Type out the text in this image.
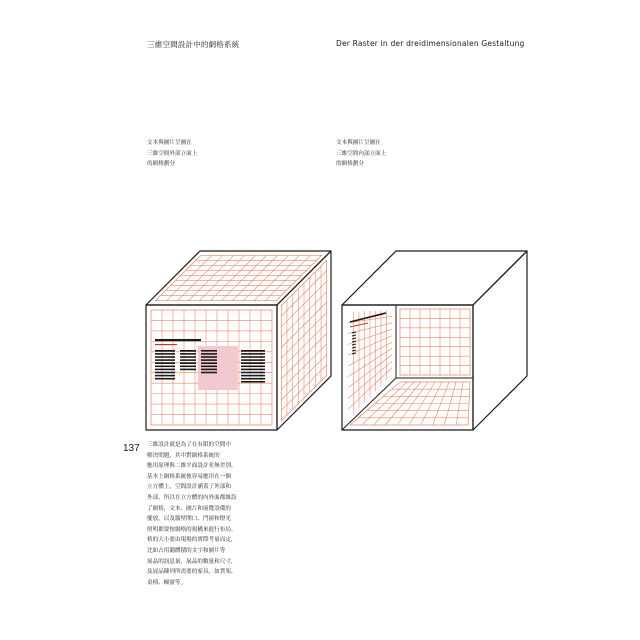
三維空間設計中的網格系統	Der Raster in der dreidimensionalen Gestaltung
文本與圖片呈圖在
三維空間外部立面上
的網格劃分
文本與圖片呈圖在
三維空間內部立面上
的網格劃分
137 三維設計就是為了在有限的空間中
解決問題，其中對網格系統的
應用原理與二維平面設計並無差別。
基本上網格系統彼容易應用在一個
立方體上，空間設計涵蓋了外部和
外部，所以在立方體的內外面都維設
了網格，文本、圖片和展覽設備的
擺放，以及牆壁開口、門窗和燈光
照明都要按網格的規構來進行布局。
格的大小要由現場的實際考量而定，
比如占用牆體積的文字和圖片等
展品的訊息量，展品的數量和尺寸，
及展品陳列所需要的家具，如貨架、
桌椅、櫥窗等。
